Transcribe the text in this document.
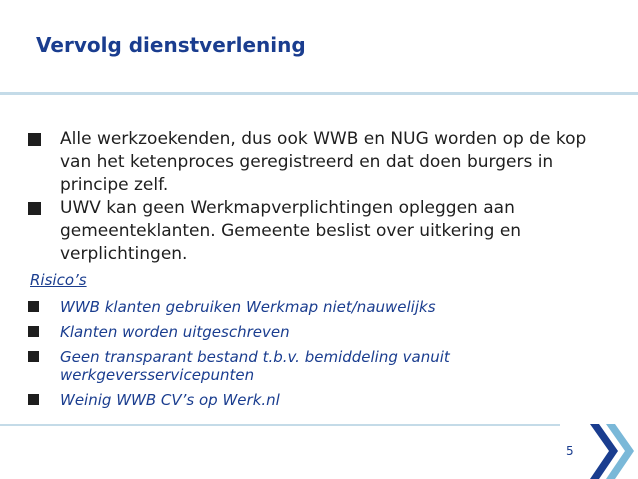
Vervolg dienstverlening
Alle werkzoekenden, dus ook WWB en NUG worden op de kop van het ketenproces geregistreerd en dat doen burgers in principe zelf.
UWV kan geen Werkmapverplichtingen opleggen aan gemeenteklanten. Gemeente beslist over uitkering en verplichtingen.
Risico’s
WWB klanten gebruiken Werkmap niet/nauwelijks
Klanten worden uitgeschreven
Geen transparant bestand t.b.v. bemiddeling vanuit werkgeversservicepunten
Weinig WWB CV’s op Werk.nl
5
